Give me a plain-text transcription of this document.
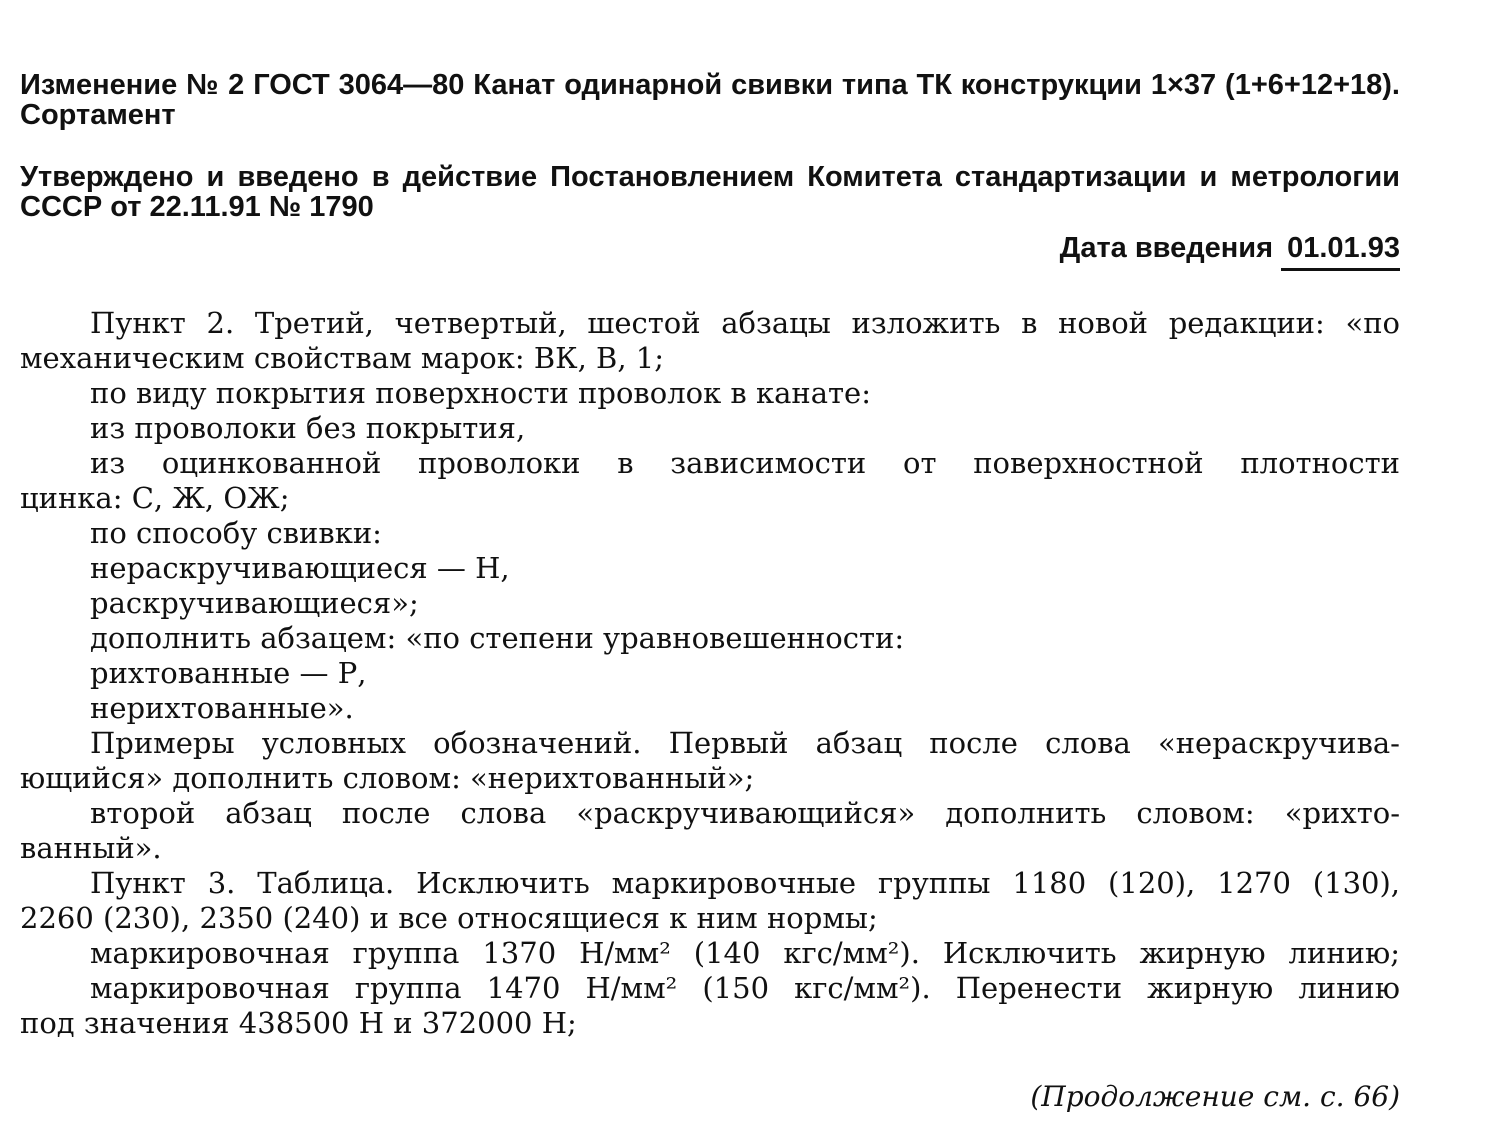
Изменение № 2 ГОСТ 3064—80 Канат одинарной свивки типа ТК конструкции 1×37 (1+6+12+18). Сортамент
Утверждено и введено в действие Постановлением Комитета стандартизации и метрологии СССР от 22.11.91 № 1790
Дата введения 01.01.93
Пункт 2. Третий, четвертый, шестой абзацы изложить в новой редакции: «по
механическим свойствам марок: ВК, В, 1;
по виду покрытия поверхности проволок в канате:
из проволоки без покрытия,
из оцинкованной проволоки в зависимости от поверхностной плотности
цинка: С, Ж, ОЖ;
по способу свивки:
нераскручивающиеся — Н,
раскручивающиеся»;
дополнить абзацем: «по степени уравновешенности:
рихтованные — Р,
нерихтованные».
Примеры условных обозначений. Первый абзац после слова «нераскручива-
ющийся» дополнить словом: «нерихтованный»;
второй абзац после слова «раскручивающийся» дополнить словом: «рихто-
ванный».
Пункт 3. Таблица. Исключить маркировочные группы 1180 (120), 1270 (130),
2260 (230), 2350 (240) и все относящиеся к ним нормы;
маркировочная группа 1370 Н/мм² (140 кгс/мм²). Исключить жирную линию;
маркировочная группа 1470 Н/мм² (150 кгс/мм²). Перенести жирную линию
под значения 438500 Н и 372000 Н;
(Продолжение см. с. 66)
